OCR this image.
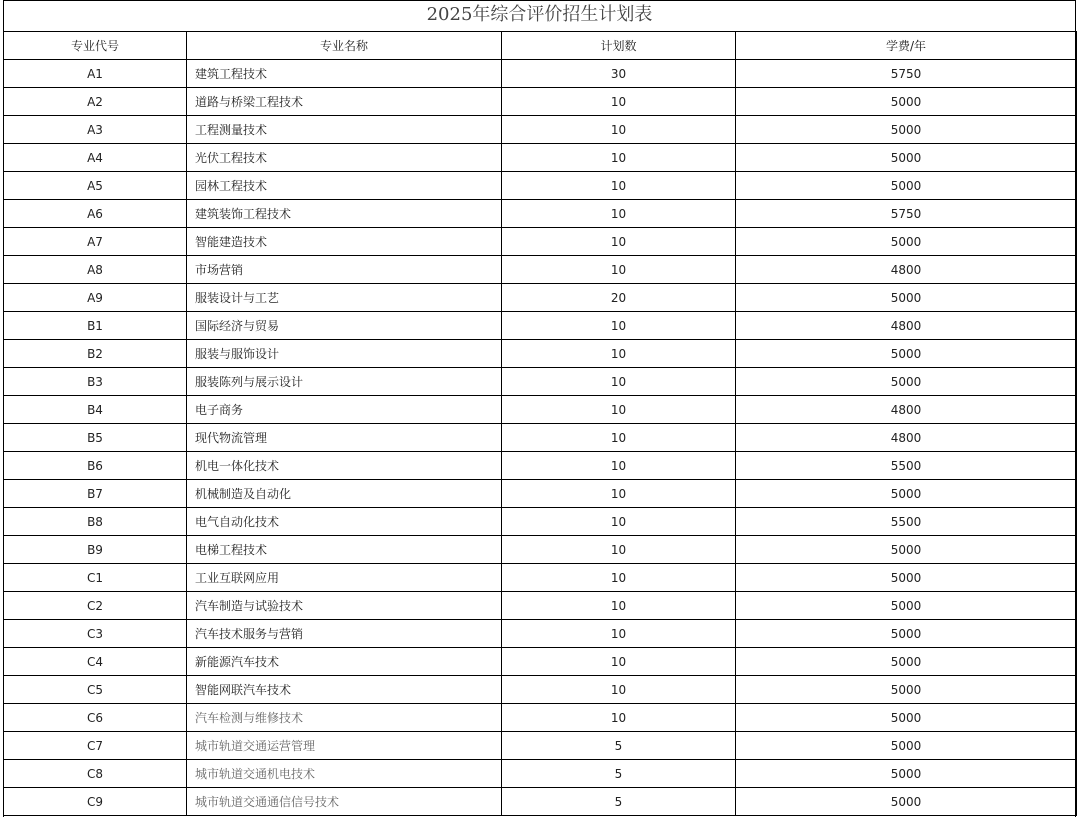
2025年综合评价招生计划表
专业代号	专业名称	计划数	学费/年
A1	建筑工程技术	30	5750
A2	道路与桥梁工程技术	10	5000
A3	工程测量技术	10	5000
A4	光伏工程技术	10	5000
A5	园林工程技术	10	5000
A6	建筑装饰工程技术	10	5750
A7	智能建造技术	10	5000
A8	市场营销	10	4800
A9	服装设计与工艺	20	5000
B1	国际经济与贸易	10	4800
B2	服装与服饰设计	10	5000
B3	服装陈列与展示设计	10	5000
B4	电子商务	10	4800
B5	现代物流管理	10	4800
B6	机电一体化技术	10	5500
B7	机械制造及自动化	10	5000
B8	电气自动化技术	10	5500
B9	电梯工程技术	10	5000
C1	工业互联网应用	10	5000
C2	汽车制造与试验技术	10	5000
C3	汽车技术服务与营销	10	5000
C4	新能源汽车技术	10	5000
C5	智能网联汽车技术	10	5000
C6	汽车检测与维修技术	10	5000
C7	城市轨道交通运营管理	5	5000
C8	城市轨道交通机电技术	5	5000
C9	城市轨道交通通信信号技术	5	5000
